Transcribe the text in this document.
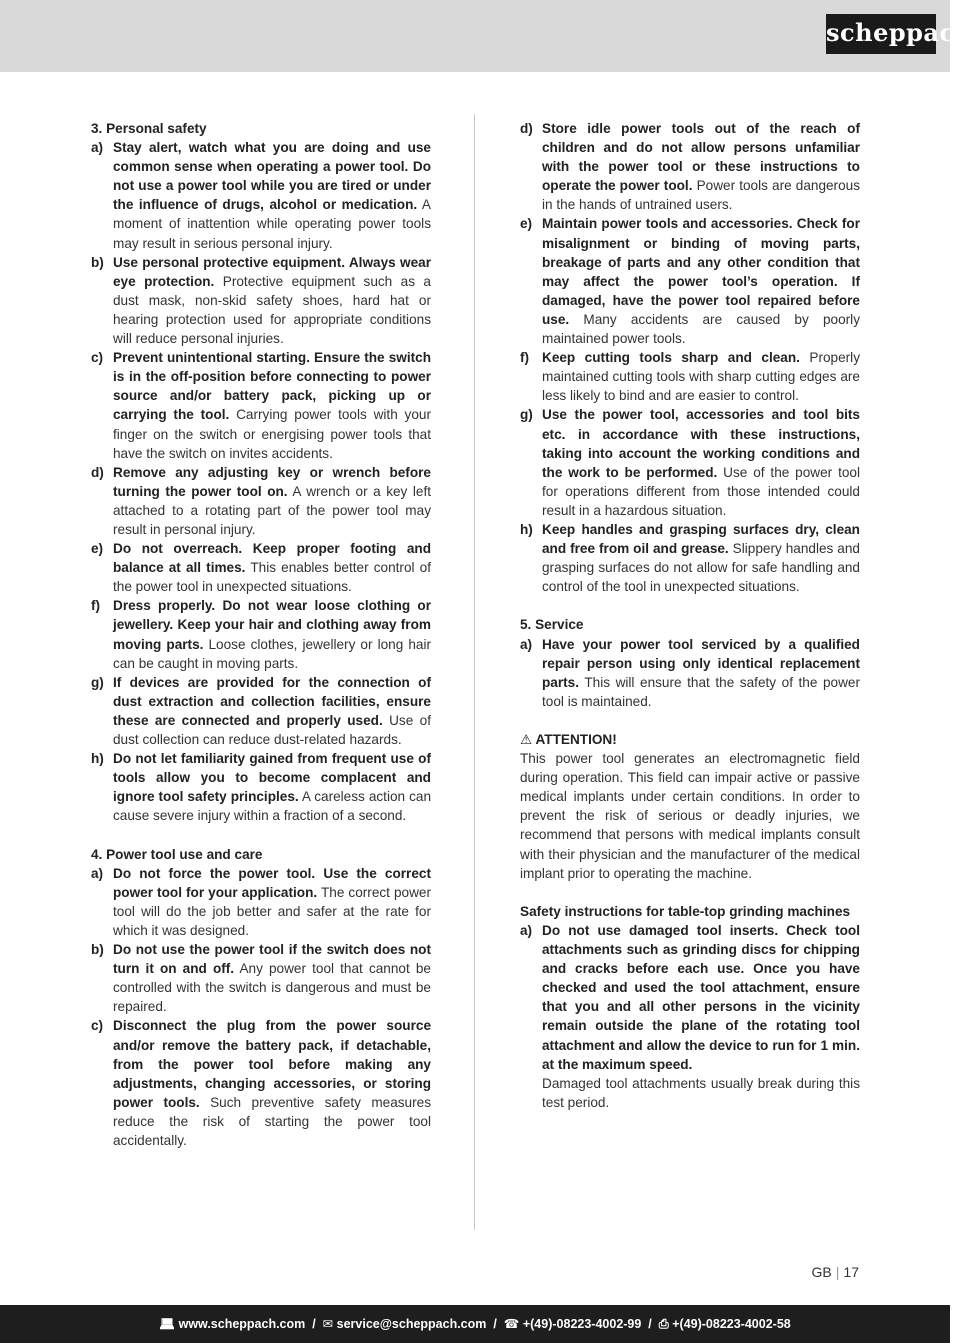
scheppach
3. Personal safety
a) Stay alert, watch what you are doing and use common sense when operating a power tool. Do not use a power tool while you are tired or under the influence of drugs, alcohol or medication. A moment of inattention while operating power tools may result in serious personal injury.
b) Use personal protective equipment. Always wear eye protection. Protective equipment such as a dust mask, non-skid safety shoes, hard hat or hearing protection used for appropriate conditions will reduce personal injuries.
c) Prevent unintentional starting. Ensure the switch is in the off-position before connecting to power source and/or battery pack, picking up or carrying the tool. Carrying power tools with your finger on the switch or energising power tools that have the switch on invites accidents.
d) Remove any adjusting key or wrench before turning the power tool on. A wrench or a key left attached to a rotating part of the power tool may result in personal injury.
e) Do not overreach. Keep proper footing and balance at all times. This enables better control of the power tool in unexpected situations.
f) Dress properly. Do not wear loose clothing or jewellery. Keep your hair and clothing away from moving parts. Loose clothes, jewellery or long hair can be caught in moving parts.
g) If devices are provided for the connection of dust extraction and collection facilities, ensure these are connected and properly used. Use of dust collection can reduce dust-related hazards.
h) Do not let familiarity gained from frequent use of tools allow you to become complacent and ignore tool safety principles. A careless action can cause severe injury within a fraction of a second.
4. Power tool use and care
a) Do not force the power tool. Use the correct power tool for your application. The correct power tool will do the job better and safer at the rate for which it was designed.
b) Do not use the power tool if the switch does not turn it on and off. Any power tool that cannot be controlled with the switch is dangerous and must be repaired.
c) Disconnect the plug from the power source and/or remove the battery pack, if detachable, from the power tool before making any adjustments, changing accessories, or storing power tools. Such preventive safety measures reduce the risk of starting the power tool accidentally.
d) Store idle power tools out of the reach of children and do not allow persons unfamiliar with the power tool or these instructions to operate the power tool. Power tools are dangerous in the hands of untrained users.
e) Maintain power tools and accessories. Check for misalignment or binding of moving parts, breakage of parts and any other condition that may affect the power tool’s operation. If damaged, have the power tool repaired before use. Many accidents are caused by poorly maintained power tools.
f) Keep cutting tools sharp and clean. Properly maintained cutting tools with sharp cutting edges are less likely to bind and are easier to control.
g) Use the power tool, accessories and tool bits etc. in accordance with these instructions, taking into account the working conditions and the work to be performed. Use of the power tool for operations different from those intended could result in a hazardous situation.
h) Keep handles and grasping surfaces dry, clean and free from oil and grease. Slippery handles and grasping surfaces do not allow for safe handling and control of the tool in unexpected situations.
5. Service
a) Have your power tool serviced by a qualified repair person using only identical replacement parts. This will ensure that the safety of the power tool is maintained.
⚠ ATTENTION!
This power tool generates an electromagnetic field during operation. This field can impair active or passive medical implants under certain conditions. In order to prevent the risk of serious or deadly injuries, we recommend that persons with medical implants consult with their physician and the manufacturer of the medical implant prior to operating the machine.
Safety instructions for table-top grinding machines
a) Do not use damaged tool inserts. Check tool attachments such as grinding discs for chipping and cracks before each use. Once you have checked and used the tool attachment, ensure that you and all other persons in the vicinity remain outside the plane of the rotating tool attachment and allow the device to run for 1 min. at the maximum speed.
Damaged tool attachments usually break during this test period.
GB | 17
💻︎ www.scheppach.com  /  ✉ service@scheppach.com  /  ☎ +(49)-08223-4002-99  /  ⎙ +(49)-08223-4002-58
